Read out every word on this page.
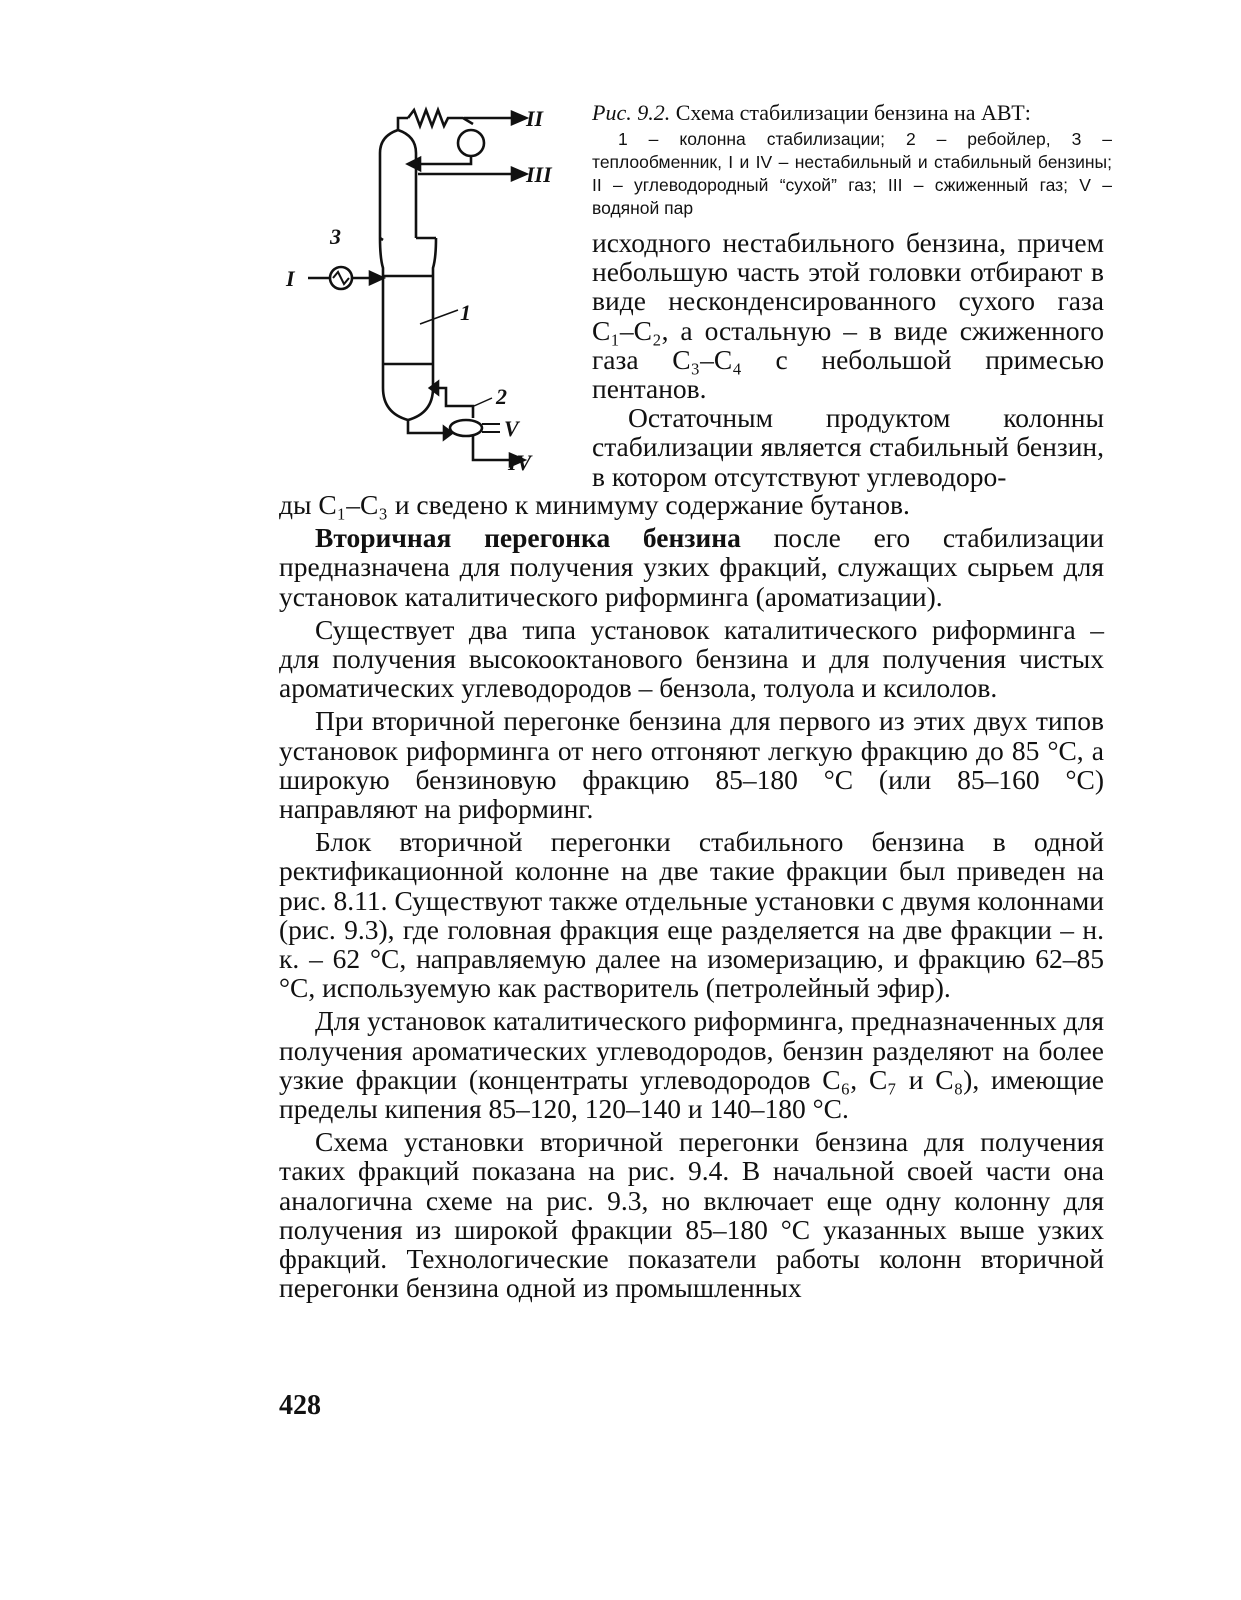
II
III
I
V
IV
1
2
3
Рис. 9.2. Схема стабилизации бензина на АВТ:
1 – колонна стабилизации; 2 – ребойлер, 3 – теплообменник, I и IV – нестабильный и стабильный бензины; II – углеводородный “сухой” газ; III – сжиженный газ; V – водяной пар

исходного нестабильного бензина, причем небольшую часть этой головки отбирают в виде несконденсированного сухого газа C₁–C₂, а остальную – в виде сжиженного газа C₃–C₄ с небольшой примесью пентанов.

Остаточным продуктом колонны стабилизации является стабильный бензин, в котором отсутствуют углеводоро-

ды C₁–C₃ и сведено к минимуму содержание бутанов.

Вторичная перегонка бензина после его стабилизации предназначена для получения узких фракций, служащих сырьем для установок каталитического риформинга (ароматизации).

Существует два типа установок каталитического риформинга – для получения высокооктанового бензина и для получения чистых ароматических углеводородов – бензола, толуола и ксилолов.

При вторичной перегонке бензина для первого из этих двух типов установок риформинга от него отгоняют легкую фракцию до 85 °С, а широкую бензиновую фракцию 85–180 °С (или 85–160 °С) направляют на риформинг.

Блок вторичной перегонки стабильного бензина в одной ректификационной колонне на две такие фракции был приведен на рис. 8.11. Существуют также отдельные установки с двумя колоннами (рис. 9.3), где головная фракция еще разделяется на две фракции – н. к. – 62 °С, направляемую далее на изомеризацию, и фракцию 62–85 °С, используемую как растворитель (петролейный эфир).

Для установок каталитического риформинга, предназначенных для получения ароматических углеводородов, бензин разделяют на более узкие фракции (концентраты углеводородов C₆, C₇ и C₈), имеющие пределы кипения 85–120, 120–140 и 140–180 °С.

Схема установки вторичной перегонки бензина для получения таких фракций показана на рис. 9.4. В начальной своей части она аналогична схеме на рис. 9.3, но включает еще одну колонну для получения из широкой фракции 85–180 °С указанных выше узких фракций. Технологические показатели работы колонн вторичной перегонки бензина одной из промышленных

428
